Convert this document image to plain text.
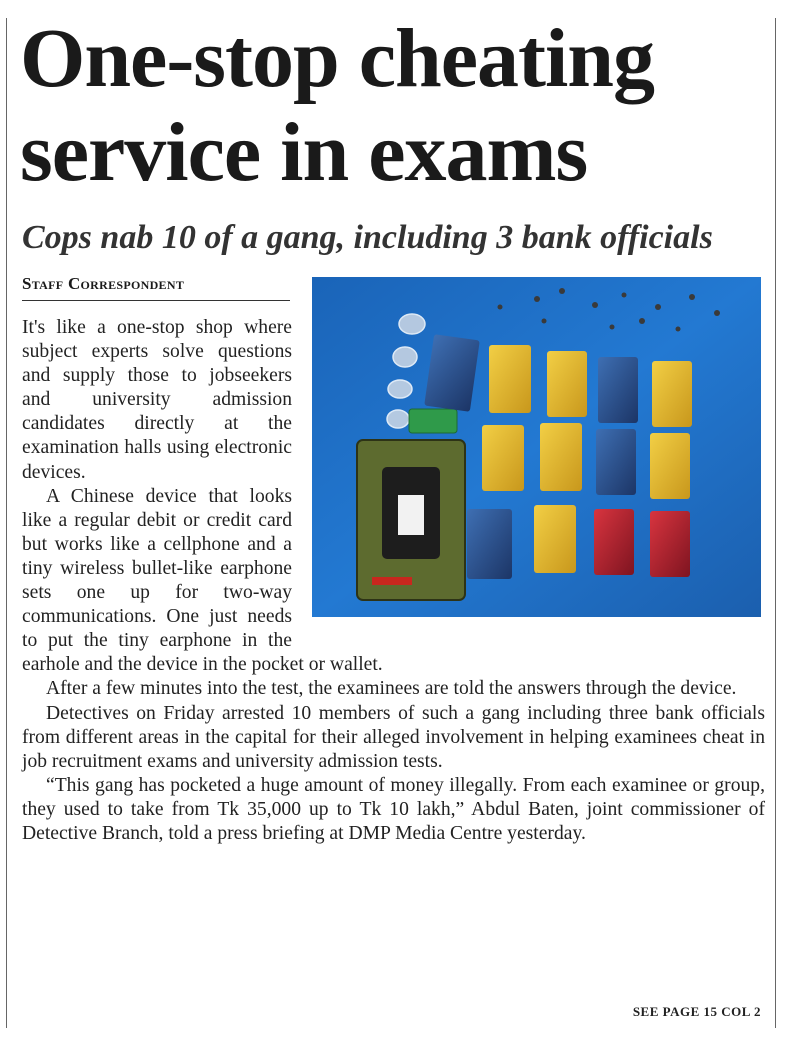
One-stop cheating service in exams
Cops nab 10 of a gang, including 3 bank officials
Staff Correspondent

It's like a one-stop shop where subject experts solve questions and supply those to jobseekers and university admission candidates directly at the examination halls using electronic devices.

A Chinese device that looks like a regular debit or credit card but works like a cellphone and a tiny wireless bullet-like earphone sets one up for two-way communications. One just needs to put the tiny earphone in the earhole and the device in the pocket or wallet.

After a few minutes into the test, the examinees are told the answers through the device.

Detectives on Friday arrested 10 members of such a gang including three bank officials from different areas in the capital for their alleged involvement in helping examinees cheat in job recruitment exams and university admission tests.

“This gang has pocketed a huge amount of money illegally. From each examinee or group, they used to take from Tk 35,000 up to Tk 10 lakh,” Abdul Baten, joint commissioner of Detective Branch, told a press briefing at DMP Media Centre yesterday.

SEE PAGE 15 COL 2
